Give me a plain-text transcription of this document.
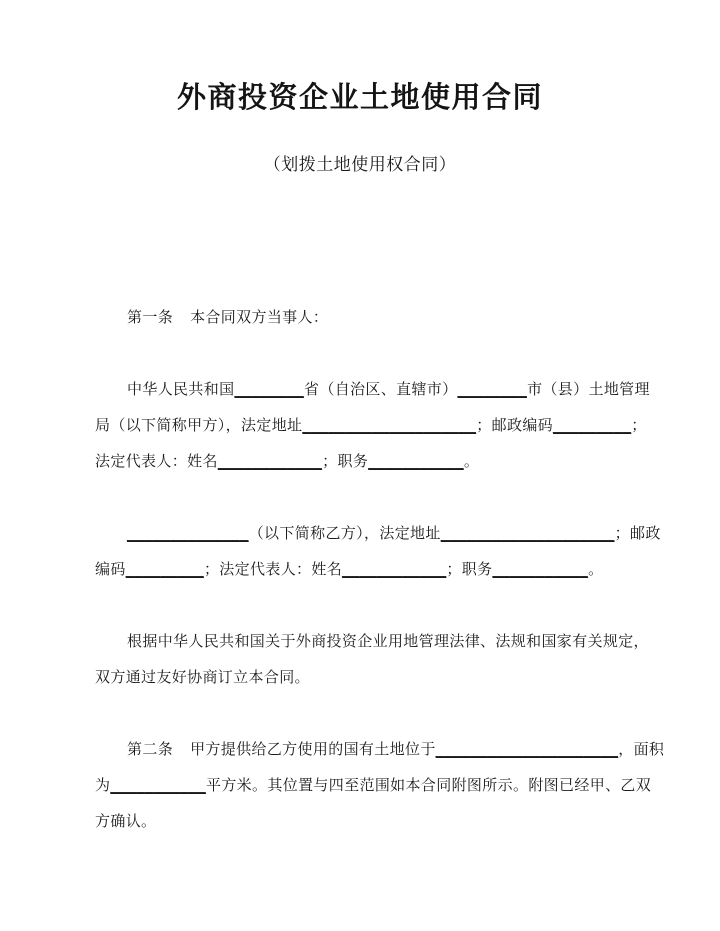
外商投资企业土地使用合同
（划拨土地使用权合同）
第一条 本合同双方当事人：
中华人民共和国________省（自治区、直辖市）________市（县）土地管理
局（以下简称甲方），法定地址____________________；邮政编码_________；
法定代表人：姓名____________；职务___________。
______________（以下简称乙方），法定地址____________________；邮政
编码_________；法定代表人：姓名____________；职务___________。
根据中华人民共和国关于外商投资企业用地管理法律、法规和国家有关规定，
双方通过友好协商订立本合同。
第二条 甲方提供给乙方使用的国有土地位于_____________________，面积
为___________平方米。其位置与四至范围如本合同附图所示。附图已经甲、乙双
方确认。
